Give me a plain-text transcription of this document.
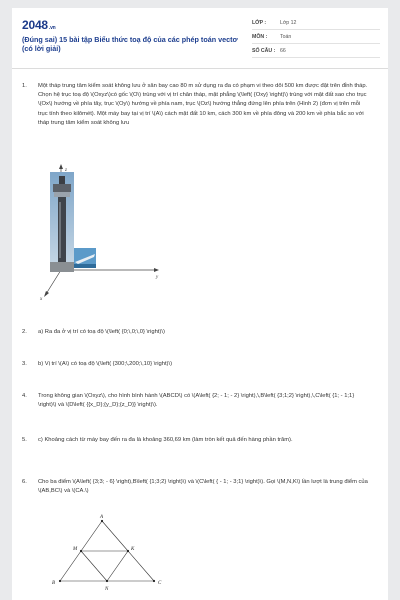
2048.vn
(Đúng sai) 15 bài tập Biểu thức toạ độ của các phép toán vectơ (có lời giải)
LỚP :	Lớp 12
MÔN :	Toán
SỐ CÂU : 66
1.	Một tháp trung tâm kiểm soát không lưu ở sân bay cao 80 m sử dụng ra đa có phạm vi theo dõi 500 km được đặt trên đỉnh tháp. Chọn hệ trục toạ độ \(Oxyz\)có gốc \(O\) trùng với vị trí chân tháp, mặt phẳng \(\left( {Oxy} \right)\) trùng với mặt đất sao cho trục \(Ox\) hướng về phía tây, trục \(Oy\) hướng về phía nam, trục \(Oz\) hướng thẳng đứng lên phía trên (Hình 2) (đơn vị trên mỗi trục tính theo kilômét). Một máy bay tại vị trí \(A\) cách mặt đất 10 km, cách 300 km về phía đông và 200 km về phía bắc so với tháp trung tâm kiểm soát không lưu
z
y
x
2.	a) Ra đa ở vị trí có toạ độ \(\left( {0;\,0;\,0} \right)\)
3.	b) Vị trí \(A\) có toạ độ \(\left( {300;\,200;\,10} \right)\)
4.	Trong không gian \(Oxyz\), cho hình bình hành \(ABCD\) có \(A\left( {2; - 1; - 2} \right),\,B\left( {3;1;2} \right),\,C\left( {1; - 1;1} \right)\) và \(D\left( {{x_D};{y_D};{z_D}} \right)\).
5.	c) Khoảng cách từ máy bay đến ra đa là khoảng 360,69 km (làm tròn kết quả đến hàng phần trăm).
6.	Cho ba điểm \(A\left( {3;3; - 6} \right),B\left( {1;3;2} \right)\) và \(C\left( { - 1; - 3;1} \right)\). Gọi \(M,N,K\) lần lượt là trung điểm của \(AB,BC\) và \(CA.\)
A
B	C
M	K
N
